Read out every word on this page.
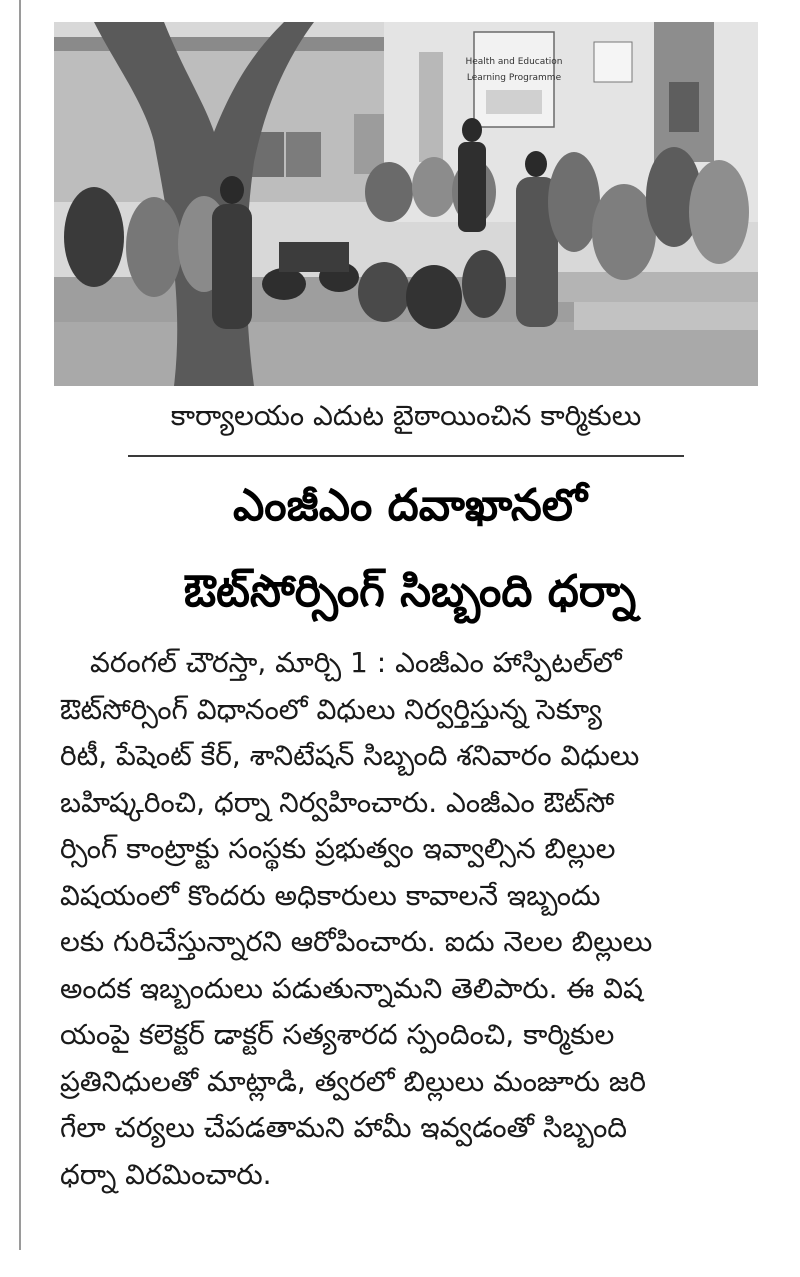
Health and Education
Learning Programme
కార్యాలయం ఎదుట బైఠాయించిన కార్మికులు
ఎంజీఎం దవాఖానలో
ఔట్‌సోర్సింగ్ సిబ్బంది ధర్నా
వరంగల్ చౌరస్తా, మార్చి 1 : ఎంజీఎం హాస్పిటల్‌లో
ఔట్‌సోర్సింగ్ విధానంలో విధులు నిర్వర్తిస్తున్న సెక్యూ
రిటీ, పేషెంట్ కేర్, శానిటేషన్ సిబ్బంది శనివారం విధులు
బహిష్కరించి, ధర్నా నిర్వహించారు. ఎంజీఎం ఔట్‌సో
ర్సింగ్ కాంట్రాక్టు సంస్థకు ప్రభుత్వం ఇవ్వాల్సిన బిల్లుల
విషయంలో కొందరు అధికారులు కావాలనే ఇబ్బందు
లకు గురిచేస్తున్నారని ఆరోపించారు. ఐదు నెలల బిల్లులు
అందక ఇబ్బందులు పడుతున్నామని తెలిపారు. ఈ విష
యంపై కలెక్టర్ డాక్టర్ సత్యశారద స్పందించి, కార్మికుల
ప్రతినిధులతో మాట్లాడి, త్వరలో బిల్లులు మంజూరు జరి
గేలా చర్యలు చేపడతామని హామీ ఇవ్వడంతో సిబ్బంది
ధర్నా విరమించారు.
